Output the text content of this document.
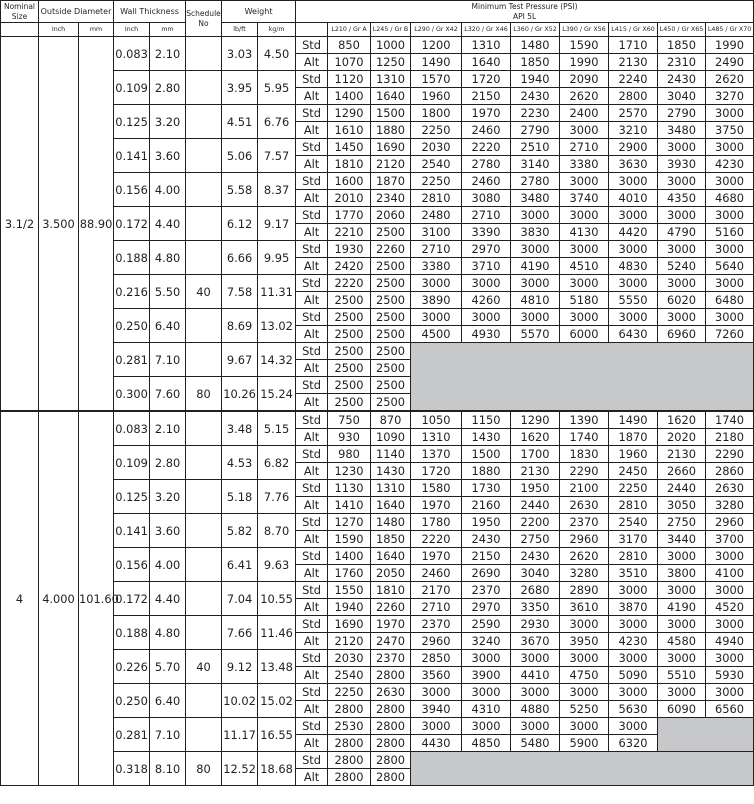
Nominal Size	Outside Diameter		Wall Thickness		Schedule No	Weight		Minimum Test Pressure (PSI)
API 5L									

	Inch	mm	Inch	mm		lb/ft	kg/m		L210 / Gr A	L245 / Gr B	L290 / Gr X42	L320 / Gr X46	L360 / Gr X52	L390 / Gr X56	L415 / Gr X60	L450 / Gr X65	L485 / Gr X70
3.1/2	3.500	88.90	0.083	2.10		3.03	4.50	Std	850	1000	1200	1310	1480	1590	1710	1850	1990
								Alt	1070	1250	1490	1640	1850	1990	2130	2310	2490
			0.109	2.80		3.95	5.95	Std	1120	1310	1570	1720	1940	2090	2240	2430	2620
								Alt	1400	1640	1960	2150	2430	2620	2800	3040	3270
			0.125	3.20		4.51	6.76	Std	1290	1500	1800	1970	2230	2400	2570	2790	3000
								Alt	1610	1880	2250	2460	2790	3000	3210	3480	3750
			0.141	3.60		5.06	7.57	Std	1450	1690	2030	2220	2510	2710	2900	3000	3000
								Alt	1810	2120	2540	2780	3140	3380	3630	3930	4230
			0.156	4.00		5.58	8.37	Std	1600	1870	2250	2460	2780	3000	3000	3000	3000
								Alt	2010	2340	2810	3080	3480	3740	4010	4350	4680
			0.172	4.40		6.12	9.17	Std	1770	2060	2480	2710	3000	3000	3000	3000	3000
								Alt	2210	2500	3100	3390	3830	4130	4420	4790	5160
			0.188	4.80		6.66	9.95	Std	1930	2260	2710	2970	3000	3000	3000	3000	3000
								Alt	2420	2500	3380	3710	4190	4510	4830	5240	5640
			0.216	5.50	40	7.58	11.31	Std	2220	2500	3000	3000	3000	3000	3000	3000	3000
								Alt	2500	2500	3890	4260	4810	5180	5550	6020	6480
			0.250	6.40		8.69	13.02	Std	2500	2500	3000	3000	3000	3000	3000	3000	3000
								Alt	2500	2500	4500	4930	5570	6000	6430	6960	7260
			0.281	7.10		9.67	14.32	Std	2500	2500							
								Alt	2500	2500							
			0.300	7.60	80	10.26	15.24	Std	2500	2500							
								Alt	2500	2500							
4	4.000	101.60	0.083	2.10		3.48	5.15	Std	750	870	1050	1150	1290	1390	1490	1620	1740
								Alt	930	1090	1310	1430	1620	1740	1870	2020	2180
			0.109	2.80		4.53	6.82	Std	980	1140	1370	1500	1700	1830	1960	2130	2290
								Alt	1230	1430	1720	1880	2130	2290	2450	2660	2860
			0.125	3.20		5.18	7.76	Std	1130	1310	1580	1730	1950	2100	2250	2440	2630
								Alt	1410	1640	1970	2160	2440	2630	2810	3050	3280
			0.141	3.60		5.82	8.70	Std	1270	1480	1780	1950	2200	2370	2540	2750	2960
								Alt	1590	1850	2220	2430	2750	2960	3170	3440	3700
			0.156	4.00		6.41	9.63	Std	1400	1640	1970	2150	2430	2620	2810	3000	3000
								Alt	1760	2050	2460	2690	3040	3280	3510	3800	4100
			0.172	4.40		7.04	10.55	Std	1550	1810	2170	2370	2680	2890	3000	3000	3000
								Alt	1940	2260	2710	2970	3350	3610	3870	4190	4520
			0.188	4.80		7.66	11.46	Std	1690	1970	2370	2590	2930	3000	3000	3000	3000
								Alt	2120	2470	2960	3240	3670	3950	4230	4580	4940
			0.226	5.70	40	9.12	13.48	Std	2030	2370	2850	3000	3000	3000	3000	3000	3000
								Alt	2540	2800	3560	3900	4410	4750	5090	5510	5930
			0.250	6.40		10.02	15.02	Std	2250	2630	3000	3000	3000	3000	3000	3000	3000
								Alt	2800	2800	3940	4310	4880	5250	5630	6090	6560
			0.281	7.10		11.17	16.55	Std	2530	2800	3000	3000	3000	3000	3000		
								Alt	2800	2800	4430	4850	5480	5900	6320		
			0.318	8.10	80	12.52	18.68	Std	2800	2800							
								Alt	2800	2800							
